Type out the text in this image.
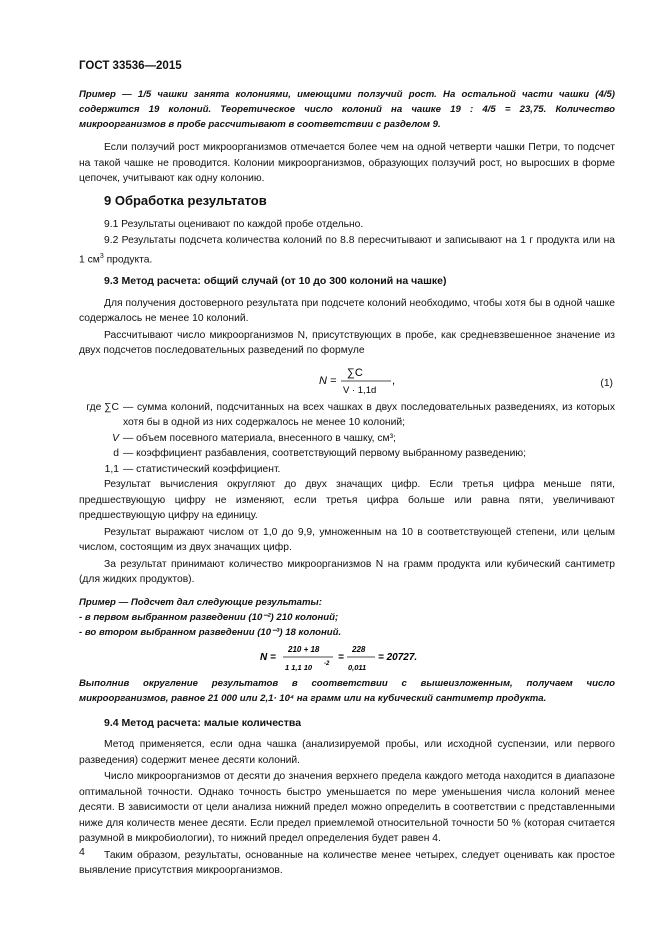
ГОСТ 33536—2015

Пример — 1/5 чашки занята колониями, имеющими ползучий рост. На остальной части чашки (4/5) содержится 19 колоний. Теоретическое число колоний на чашке 19 : 4/5 = 23,75. Количество микроорганизмов в пробе рассчитывают в соответствии с разделом 9.

Если ползучий рост микроорганизмов отмечается более чем на одной четверти чашки Петри, то подсчет на такой чашке не проводится. Колонии микроорганизмов, образующих ползучий рост, но выросших в форме цепочек, учитывают как одну колонию.

9 Обработка результатов

9.1 Результаты оценивают по каждой пробе отдельно.

9.2 Результаты подсчета количества колоний по 8.8 пересчитывают и записывают на 1 г продукта или на 1 $см^3$ продукта.

9.3 Метод расчета: общий случай (от 10 до 300 колоний на чашке)

Для получения достоверного результата при подсчете колоний необходимо, чтобы хотя бы в одной чашке содержалось не менее 10 колоний.

Рассчитывают число микроорганизмов N, присутствующих в пробе, как средневзвешенное значение из двух подсчетов последовательных разведений по формуле

N =
∑C
V · 1,1d
,	(1)
где ∑C — сумма колоний, подсчитанных на всех чашках в двух последовательных разведениях, из которых хотя бы в одной из них содержалось не менее 10 колоний;
V — объем посевного материала, внесенного в чашку, см³;
d — коэффициент разбавления, соответствующий первому выбранному разведению;
1,1 — статистический коэффициент.

Результат вычисления округляют до двух значащих цифр. Если третья цифра меньше пяти, предшествующую цифру не изменяют, если третья цифра больше или равна пяти, увеличивают предшествующую цифру на единицу.

Результат выражают числом от 1,0 до 9,9, умноженным на 10 в соответствующей степени, или целым числом, состоящим из двух значащих цифр.

За результат принимают количество микроорганизмов N на грамм продукта или кубический сантиметр (для жидких продуктов).

Пример — Подсчет дал следующие результаты:

- в первом выбранном разведении (10⁻²) 210 колоний;

- во втором выбранном разведении (10⁻³) 18 колоний.

N =
210 + 18
1 1,1 10 -2
=
228
0,011
= 20727.

Выполнив округление результатов в соответствии с вышеизложенным, получаем число микроорганизмов, равное 21 000 или 2,1· 10⁴ на грамм или на кубический сантиметр продукта.

9.4 Метод расчета: малые количества

Метод применяется, если одна чашка (анализируемой пробы, или исходной суспензии, или первого разведения) содержит менее десяти колоний.

Число микроорганизмов от десяти до значения верхнего предела каждого метода находится в диапазоне оптимальной точности. Однако точность быстро уменьшается по мере уменьшения числа колоний менее десяти. В зависимости от цели анализа нижний предел можно определить в соответствии с представленными ниже для количеств менее десяти. Если предел приемлемой относительной точности 50 % (которая считается разумной в микробиологии), то нижний предел определения будет равен 4.

Таким образом, результаты, основанные на количестве менее четырех, следует оценивать как простое выявление присутствия микроорганизмов.

4
